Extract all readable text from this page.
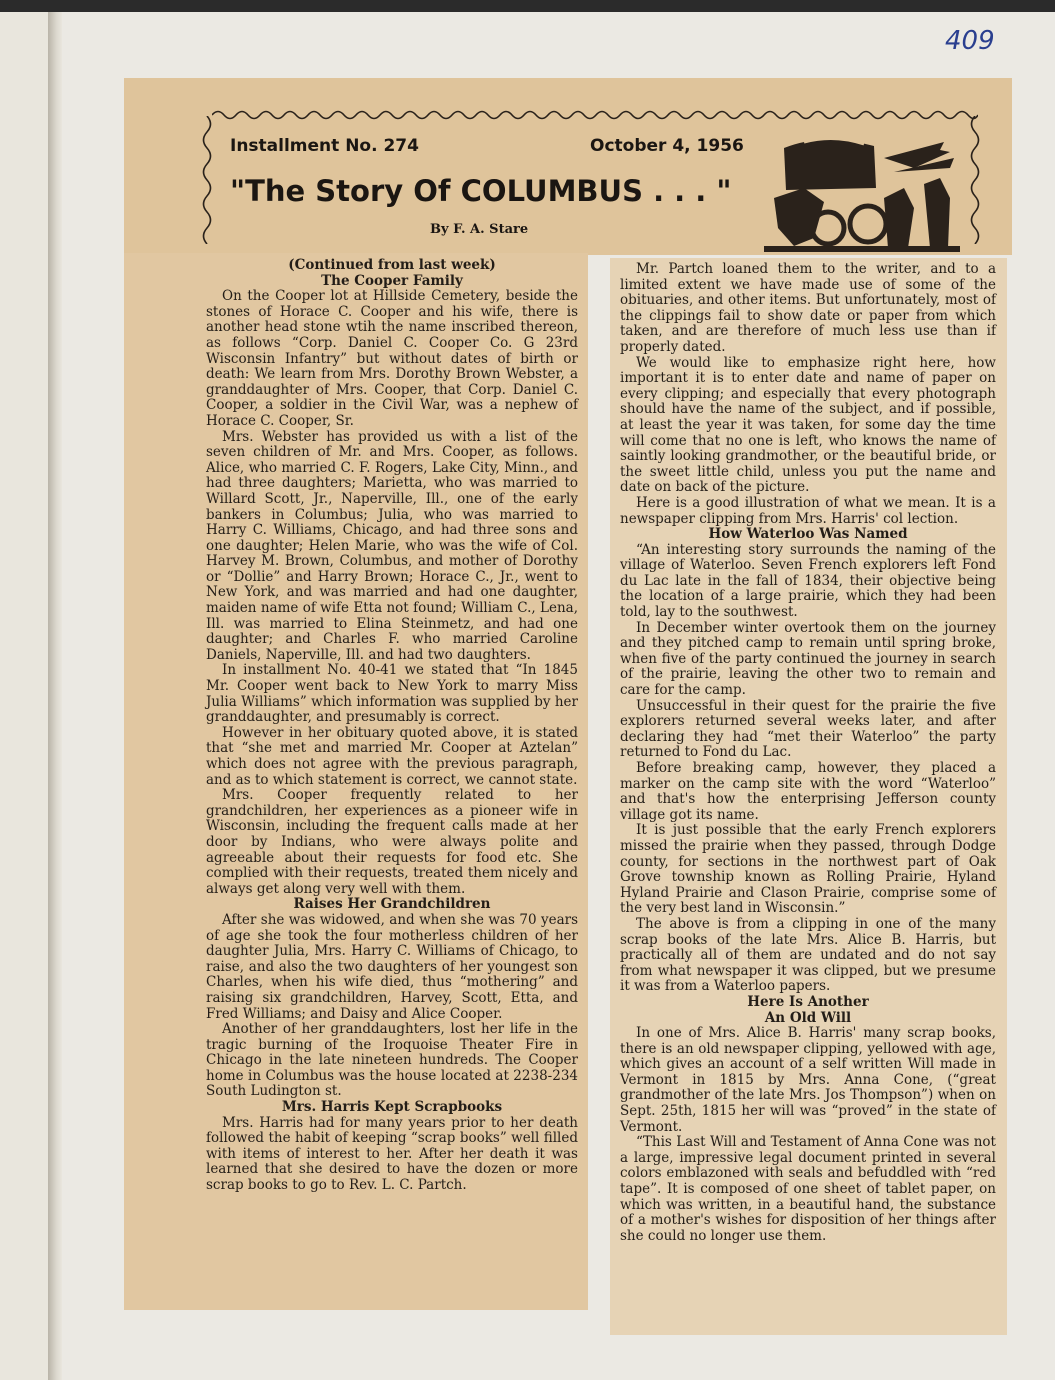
409
Installment No. 274	October 4, 1956
"The Story Of COLUMBUS . . . "
By F. A. Stare
(Continued from last week)
The Cooper Family

On the Cooper lot at Hillside Cemetery, beside the stones of Horace C. Cooper and his wife, there is another head stone wtih the name inscribed thereon, as follows “Corp. Daniel C. Cooper Co. G 23rd Wisconsin Infantry” but without dates of birth or death: We learn from Mrs. Dorothy Brown Webster, a granddaughter of Mrs. Cooper, that Corp. Daniel C. Cooper, a soldier in the Civil War, was a nephew of Horace C. Cooper, Sr.

Mrs. Webster has provided us with a list of the seven children of Mr. and Mrs. Cooper, as follows. Alice, who married C. F. Rogers, Lake City, Minn., and had three daughters; Marietta, who was married to Willard Scott, Jr., Naperville, Ill., one of the early bankers in Columbus; Julia, who was married to Harry C. Williams, Chicago, and had three sons and one daughter; Helen Marie, who was the wife of Col. Harvey M. Brown, Columbus, and mother of Dorothy or “Dollie” and Harry Brown; Horace C., Jr., went to New York, and was married and had one daughter, maiden name of wife Etta not found; William C., Lena, Ill. was married to Elina Steinmetz, and had one daughter; and Charles F. who married Caroline Daniels, Naperville, Ill. and had two daughters.

In installment No. 40-41 we stated that “In 1845 Mr. Cooper went back to New York to marry Miss Julia Williams” which information was supplied by her granddaughter, and presumably is correct.

However in her obituary quoted above, it is stated that “she met and married Mr. Cooper at Aztelan” which does not agree with the previous paragraph, and as to which statement is correct, we cannot state.

Mrs. Cooper frequently related to her grandchildren, her experiences as a pioneer wife in Wisconsin, including the frequent calls made at her door by Indians, who were always polite and agreeable about their requests for food etc. She complied with their requests, treated them nicely and always get along very well with them.

Raises Her Grandchildren

After she was widowed, and when she was 70 years of age she took the four motherless children of her daughter Julia, Mrs. Harry C. Williams of Chicago, to raise, and also the two daughters of her youngest son Charles, when his wife died, thus “mothering” and raising six grandchildren, Harvey, Scott, Etta, and Fred Williams; and Daisy and Alice Cooper.

Another of her granddaughters, lost her life in the tragic burning of the Iroquoise Theater Fire in Chicago in the late nineteen hundreds. The Cooper home in Columbus was the house located at 2238-234 South Ludington st.

Mrs. Harris Kept Scrapbooks

Mrs. Harris had for many years prior to her death followed the habit of keeping “scrap books” well filled with items of interest to her. After her death it was learned that she desired to have the dozen or more scrap books to go to Rev. L. C. Partch.

Mr. Partch loaned them to the writer, and to a limited extent we have made use of some of the obituaries, and other items. But unfortunately, most of the clippings fail to show date or paper from which taken, and are therefore of much less use than if properly dated.

We would like to emphasize right here, how important it is to enter date and name of paper on every clipping; and especially that every photograph should have the name of the subject, and if possible, at least the year it was taken, for some day the time will come that no one is left, who knows the name of saintly looking grandmother, or the beautiful bride, or the sweet little child, unless you put the name and date on back of the picture.

Here is a good illustration of what we mean. It is a newspaper clipping from Mrs. Harris' col lection.

How Waterloo Was Named

“An interesting story surrounds the naming of the village of Waterloo. Seven French explorers left Fond du Lac late in the fall of 1834, their objective being the location of a large prairie, which they had been told, lay to the southwest.

In December winter overtook them on the journey and they pitched camp to remain until spring broke, when five of the party continued the journey in search of the prairie, leaving the other two to remain and care for the camp.

Unsuccessful in their quest for the prairie the five explorers returned several weeks later, and after declaring they had “met their Waterloo” the party returned to Fond du Lac.

Before breaking camp, however, they placed a marker on the camp site with the word “Waterloo” and that's how the enterprising Jefferson county village got its name.

It is just possible that the early French explorers missed the prairie when they passed, through Dodge county, for sections in the northwest part of Oak Grove township known as Rolling Prairie, Hyland Hyland Prairie and Clason Prairie, comprise some of the very best land in Wisconsin.”

The above is from a clipping in one of the many scrap books of the late Mrs. Alice B. Harris, but practically all of them are undated and do not say from what newspaper it was clipped, but we presume it was from a Waterloo papers.

Here Is Another
An Old Will

In one of Mrs. Alice B. Harris' many scrap books, there is an old newspaper clipping, yellowed with age, which gives an account of a self written Will made in Vermont in 1815 by Mrs. Anna Cone, (“great grandmother of the late Mrs. Jos Thompson”) when on Sept. 25th, 1815 her will was “proved” in the state of Vermont.

“This Last Will and Testament of Anna Cone was not a large, impressive legal document printed in several colors emblazoned with seals and befuddled with “red tape”. It is composed of one sheet of tablet paper, on which was written, in a beautiful hand, the substance of a mother's wishes for disposition of her things after she could no longer use them.
